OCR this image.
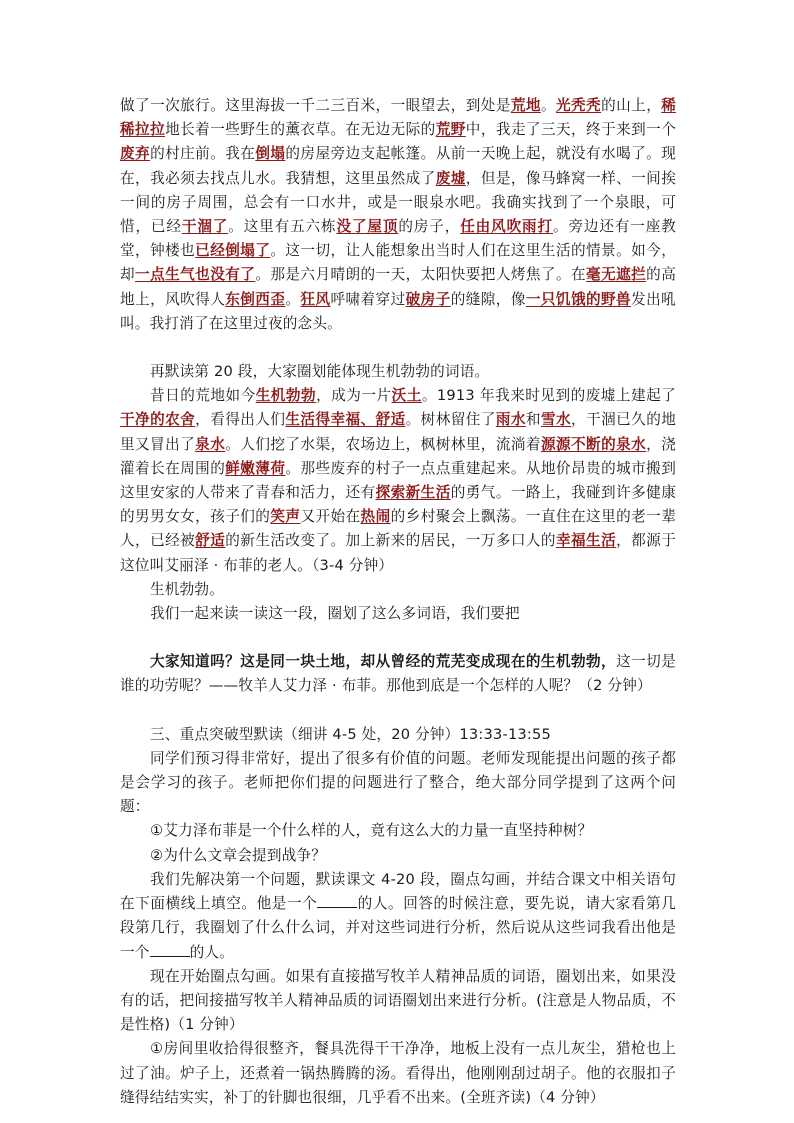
做了一次旅行。这里海拔一千二三百米，一眼望去，到处是荒地。光秃秃的山上，稀稀拉拉地长着一些野生的薰衣草。在无边无际的荒野中，我走了三天，终于来到一个废弃的村庄前。我在倒塌的房屋旁边支起帐篷。从前一天晚上起，就没有水喝了。现在，我必须去找点儿水。我猜想，这里虽然成了废墟，但是，像马蜂窝一样、一间挨一间的房子周围，总会有一口水井，或是一眼泉水吧。我确实找到了一个泉眼，可惜，已经干涸了。这里有五六栋没了屋顶的房子，任由风吹雨打。旁边还有一座教堂，钟楼也已经倒塌了。这一切，让人能想象出当时人们在这里生活的情景。如今，却一点生气也没有了。那是六月晴朗的一天，太阳快要把人烤焦了。在毫无遮拦的高地上，风吹得人东倒西歪。狂风呼啸着穿过破房子的缝隙，像一只饥饿的野兽发出吼叫。我打消了在这里过夜的念头。

再默读第 20 段，大家圈划能体现生机勃勃的词语。

昔日的荒地如今生机勃勃，成为一片沃土。1913 年我来时见到的废墟上建起了干净的农舍，看得出人们生活得幸福、舒适。树林留住了雨水和雪水，干涸已久的地里又冒出了泉水。人们挖了水渠，农场边上，枫树林里，流淌着源源不断的泉水，浇灌着长在周围的鲜嫩薄荷。那些废弃的村子一点点重建起来。从地价昂贵的城市搬到这里安家的人带来了青春和活力，还有探索新生活的勇气。一路上，我碰到许多健康的男男女女，孩子们的笑声又开始在热闹的乡村聚会上飘荡。一直住在这里的老一辈人，已经被舒适的新生活改变了。加上新来的居民，一万多口人的幸福生活，都源于这位叫艾丽泽 · 布菲的老人。（3-4 分钟）

生机勃勃。

我们一起来读一读这一段，圈划了这么多词语，我们要把

大家知道吗？这是同一块土地，却从曾经的荒芜变成现在的生机勃勃，这一切是谁的功劳呢？——牧羊人艾力泽 · 布菲。那他到底是一个怎样的人呢？（2 分钟）

三、重点突破型默读（细讲 4-5 处，20 分钟）13:33-13:55

同学们预习得非常好，提出了很多有价值的问题。老师发现能提出问题的孩子都是会学习的孩子。老师把你们提的问题进行了整合，绝大部分同学提到了这两个问题：

①艾力泽布菲是一个什么样的人，竟有这么大的力量一直坚持种树？

②为什么文章会提到战争？

我们先解决第一个问题，默读课文 4-20 段，圈点勾画，并结合课文中相关语句在下面横线上填空。他是一个	的人。回答的时候注意，要先说，请大家看第几段第几行，我圈划了什么什么词，并对这些词进行分析，然后说从这些词我看出他是一个	的人。

现在开始圈点勾画。如果有直接描写牧羊人精神品质的词语，圈划出来，如果没有的话，把间接描写牧羊人精神品质的词语圈划出来进行分析。(注意是人物品质，不是性格)（1 分钟）

①房间里收拾得很整齐，餐具洗得干干净净，地板上没有一点儿灰尘，猎枪也上过了油。炉子上，还煮着一锅热腾腾的汤。看得出，他刚刚刮过胡子。他的衣服扣子缝得结结实实，补丁的针脚也很细，几乎看不出来。(全班齐读)（4 分钟）
